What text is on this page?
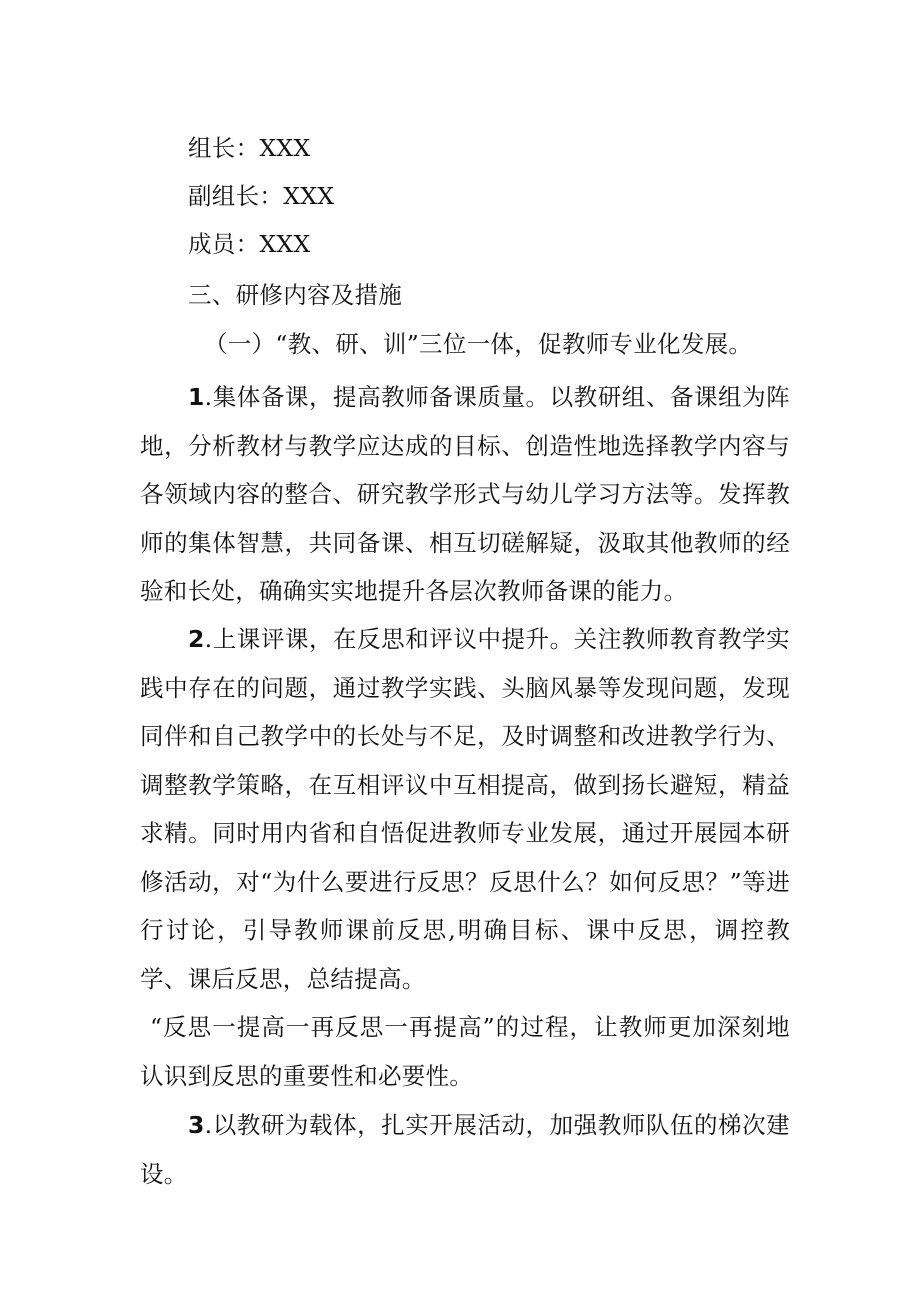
组长：XXX
副组长：XXX
成员：XXX
三、研修内容及措施
（一）“教、研、训”三位一体，促教师专业化发展。
1.集体备课，提高教师备课质量。以教研组、备课组为阵地，分析教材与教学应达成的目标、创造性地选择教学内容与各领域内容的整合、研究教学形式与幼儿学习方法等。发挥教师的集体智慧，共同备课、相互切磋解疑，汲取其他教师的经验和长处，确确实实地提升各层次教师备课的能力。
2.上课评课，在反思和评议中提升。关注教师教育教学实践中存在的问题，通过教学实践、头脑风暴等发现问题，发现同伴和自己教学中的长处与不足，及时调整和改进教学行为、调整教学策略，在互相评议中互相提高，做到扬长避短，精益求精。同时用内省和自悟促进教师专业发展，通过开展园本研修活动，对“为什么要进行反思？反思什么？如何反思？”等进行讨论，引导教师课前反思,明确目标、课中反思，调控教学、课后反思，总结提高。
“反思一提高一再反思一再提高”的过程，让教师更加深刻地认识到反思的重要性和必要性。
3.以教研为载体，扎实开展活动，加强教师队伍的梯次建设。
